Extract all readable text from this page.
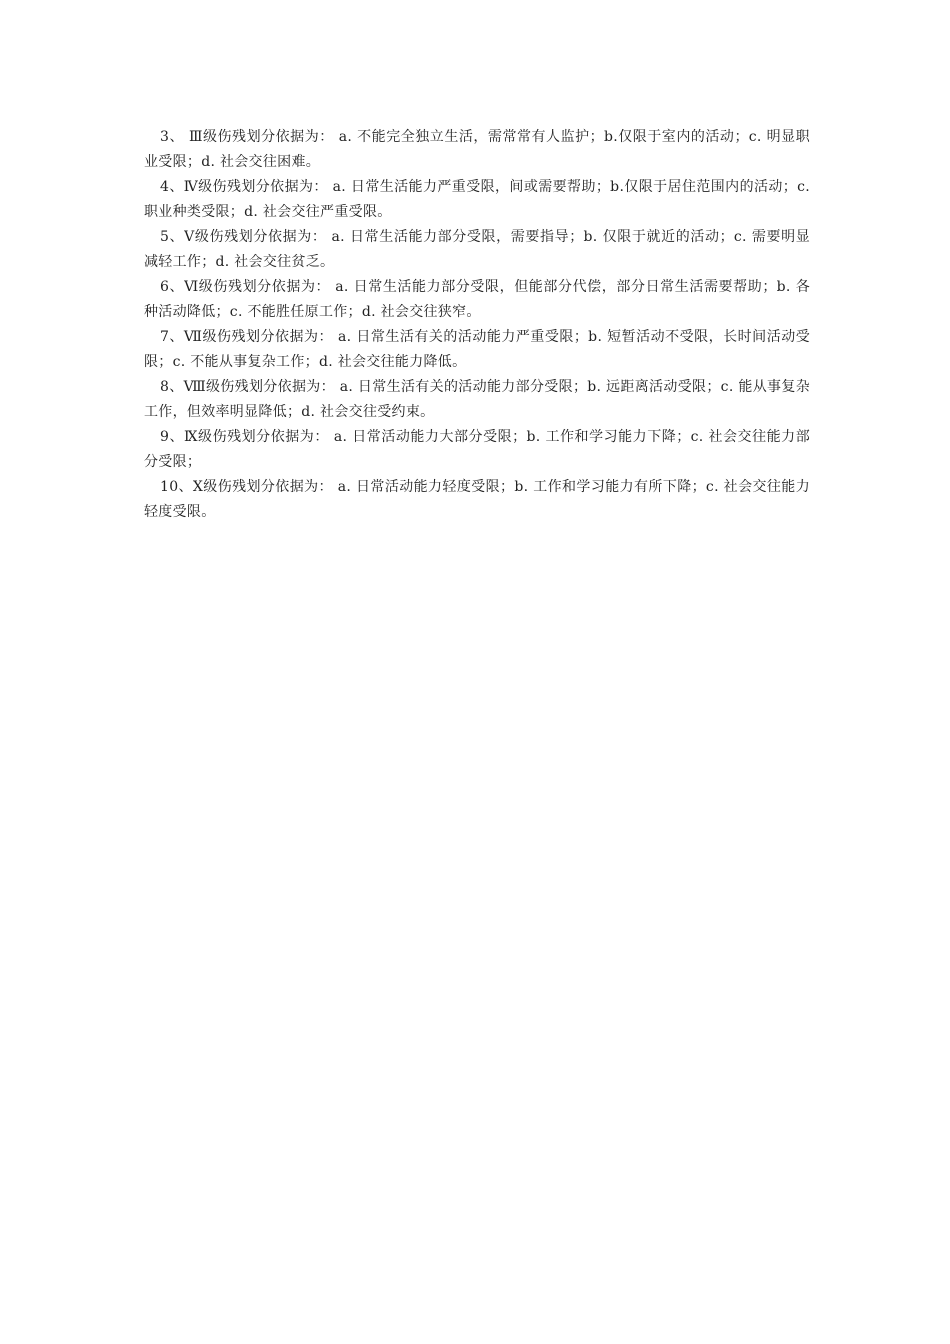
3、 Ⅲ级伤残划分依据为： a. 不能完全独立生活，需常常有人监护；b.仅限于室内的活动；c. 明显职业受限；d. 社会交往困难。

4、Ⅳ级伤残划分依据为： a. 日常生活能力严重受限，间或需要帮助；b.仅限于居住范围内的活动；c. 职业种类受限；d. 社会交往严重受限。

5、Ⅴ级伤残划分依据为： a. 日常生活能力部分受限，需要指导；b. 仅限于就近的活动；c. 需要明显减轻工作；d. 社会交往贫乏。

6、Ⅵ级伤残划分依据为： a. 日常生活能力部分受限，但能部分代偿，部分日常生活需要帮助；b. 各种活动降低；c. 不能胜任原工作；d. 社会交往狭窄。

7、Ⅶ级伤残划分依据为： a. 日常生活有关的活动能力严重受限；b. 短暂活动不受限，长时间活动受限；c. 不能从事复杂工作；d. 社会交往能力降低。

8、Ⅷ级伤残划分依据为： a. 日常生活有关的活动能力部分受限；b. 远距离活动受限；c. 能从事复杂工作，但效率明显降低；d. 社会交往受约束。

9、Ⅸ级伤残划分依据为： a. 日常活动能力大部分受限；b. 工作和学习能力下降；c. 社会交往能力部分受限；

10、Ⅹ级伤残划分依据为： a. 日常活动能力轻度受限；b. 工作和学习能力有所下降；c. 社会交往能力轻度受限。
